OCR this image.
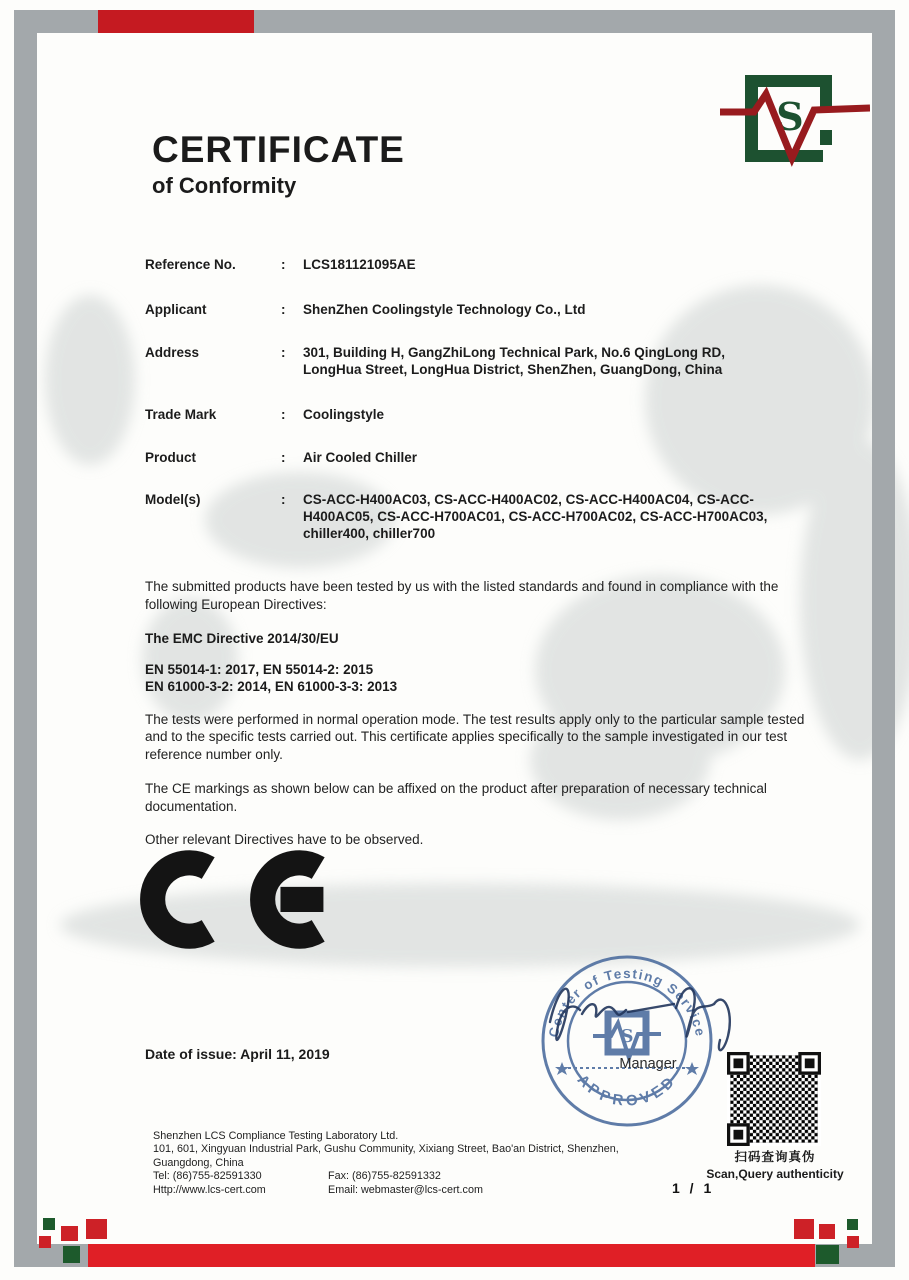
S
CERTIFICATE
of Conformity
Reference No.	:	LCS181121095AE
Applicant	:	ShenZhen Coolingstyle Technology Co., Ltd
Address	:	301, Building H, GangZhiLong Technical Park, No.6 QingLong RD, LongHua Street, LongHua District, ShenZhen, GuangDong, China
Trade Mark	:	Coolingstyle
Product	:	Air Cooled Chiller
Model(s)	:	CS-ACC-H400AC03, CS-ACC-H400AC02, CS-ACC-H400AC04, CS-ACC-H400AC05, CS-ACC-H700AC01, CS-ACC-H700AC02, CS-ACC-H700AC03, chiller400, chiller700
The submitted products have been tested by us with the listed standards and found in compliance with the following European Directives:
The EMC Directive 2014/30/EU
EN 55014-1: 2017, EN 55014-2: 2015
EN 61000-3-2: 2014, EN 61000-3-3: 2013
The tests were performed in normal operation mode. The test results apply only to the particular sample tested and to the specific tests carried out. This certificate applies specifically to the sample investigated in our test reference number only.
The CE markings as shown below can be affixed on the product after preparation of necessary technical documentation.
Other relevant Directives have to be observed.
Date of issue: April 11, 2019
Center of Testing Service
APPROVED
S
Manager
扫码查询真伪
Scan,Query authenticity
Shenzhen LCS Compliance Testing Laboratory Ltd.
101, 601, Xingyuan Industrial Park, Gushu Community, Xixiang Street, Bao'an District, Shenzhen,
Guangdong, China
Tel: (86)755-82591330	Fax: (86)755-82591332
Http://www.lcs-cert.com	Email: webmaster@lcs-cert.com	1 / 1
